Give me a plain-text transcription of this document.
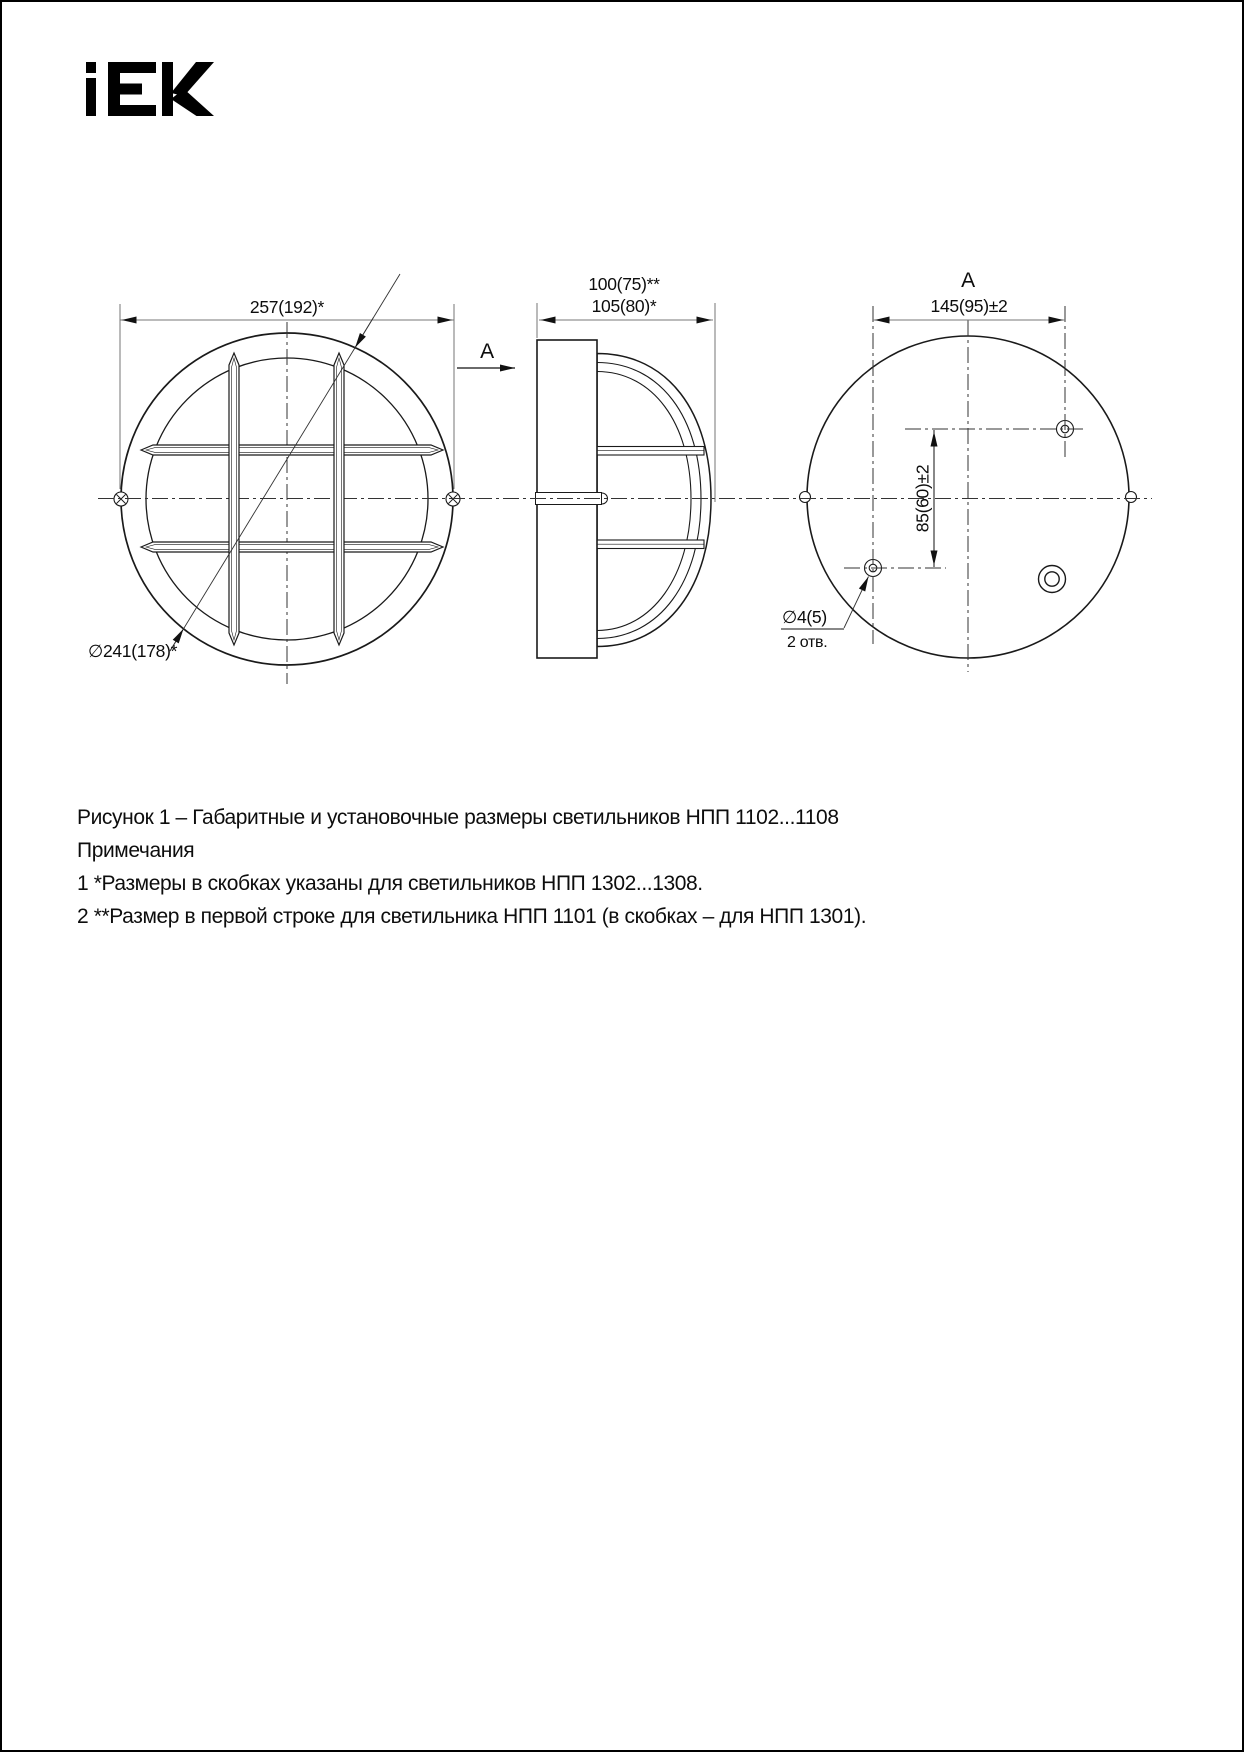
257(192)*
∅241(178)*
100(75)**
105(80)*
A
A
145(95)±2
85(60)±2
∅4(5)
2 отв.
Рисунок 1 – Габаритные и установочные размеры светильников НПП 1102...1108
Примечания
1 *Размеры в скобках указаны для светильников НПП 1302...1308.
2 **Размер в первой строке для светильника НПП 1101 (в скобках – для НПП 1301).
